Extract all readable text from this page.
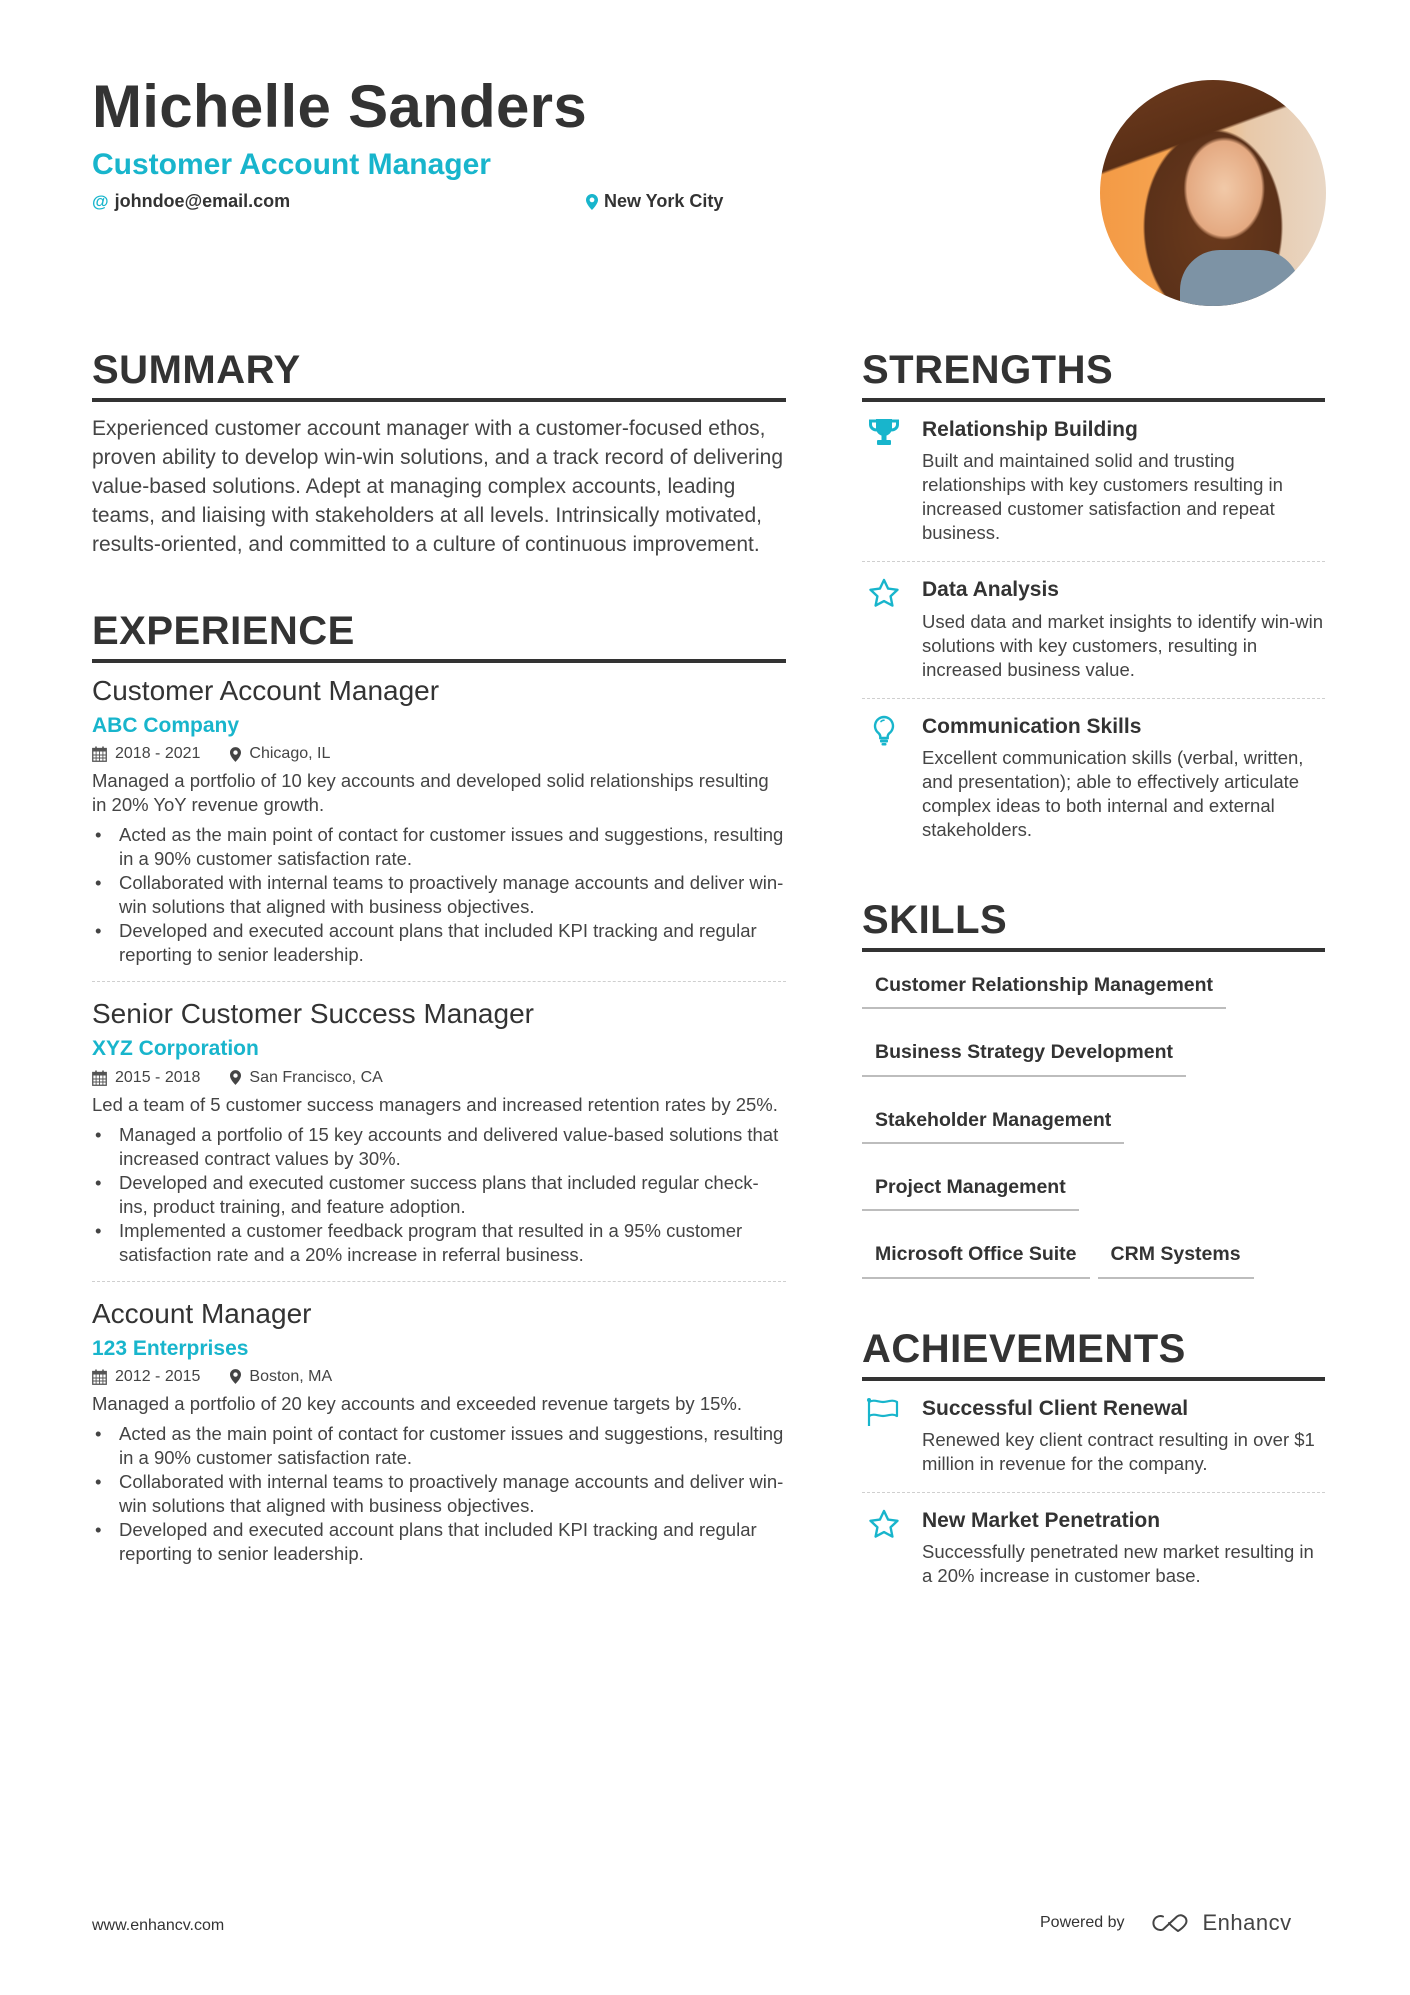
Michelle Sanders
Customer Account Manager
@ johndoe@email.com	New York City
SUMMARY

Experienced customer account manager with a customer-focused ethos, proven ability to develop win-win solutions, and a track record of delivering value-based solutions. Adept at managing complex accounts, leading teams, and liaising with stakeholders at all levels. Intrinsically motivated, results-oriented, and committed to a culture of continuous improvement.

EXPERIENCE
Customer Account Manager
ABC Company
2018 - 2021	Chicago, IL

Managed a portfolio of 10 key accounts and developed solid relationships resulting in 20% YoY revenue growth.

• Acted as the main point of contact for customer issues and suggestions, resulting in a 90% customer satisfaction rate.
• Collaborated with internal teams to proactively manage accounts and deliver win-win solutions that aligned with business objectives.
• Developed and executed account plans that included KPI tracking and regular reporting to senior leadership.
Senior Customer Success Manager
XYZ Corporation
2015 - 2018	San Francisco, CA

Led a team of 5 customer success managers and increased retention rates by 25%.

• Managed a portfolio of 15 key accounts and delivered value-based solutions that increased contract values by 30%.
• Developed and executed customer success plans that included regular check-ins, product training, and feature adoption.
• Implemented a customer feedback program that resulted in a 95% customer satisfaction rate and a 20% increase in referral business.
Account Manager
123 Enterprises
2012 - 2015	Boston, MA

Managed a portfolio of 20 key accounts and exceeded revenue targets by 15%.

• Acted as the main point of contact for customer issues and suggestions, resulting in a 90% customer satisfaction rate.
• Collaborated with internal teams to proactively manage accounts and deliver win-win solutions that aligned with business objectives.
• Developed and executed account plans that included KPI tracking and regular reporting to senior leadership.
STRENGTHS
Relationship Building

Built and maintained solid and trusting relationships with key customers resulting in increased customer satisfaction and repeat business.

Data Analysis

Used data and market insights to identify win-win solutions with key customers, resulting in increased business value.

Communication Skills

Excellent communication skills (verbal, written, and presentation); able to effectively articulate complex ideas to both internal and external stakeholders.

SKILLS
Customer Relationship Management
Business Strategy Development
Stakeholder Management
Project Management
Microsoft Office Suite	CRM Systems
ACHIEVEMENTS
Successful Client Renewal

Renewed key client contract resulting in over $1 million in revenue for the company.

New Market Penetration

Successfully penetrated new market resulting in a 20% increase in customer base.

www.enhancv.com	Powered by	Enhancv
